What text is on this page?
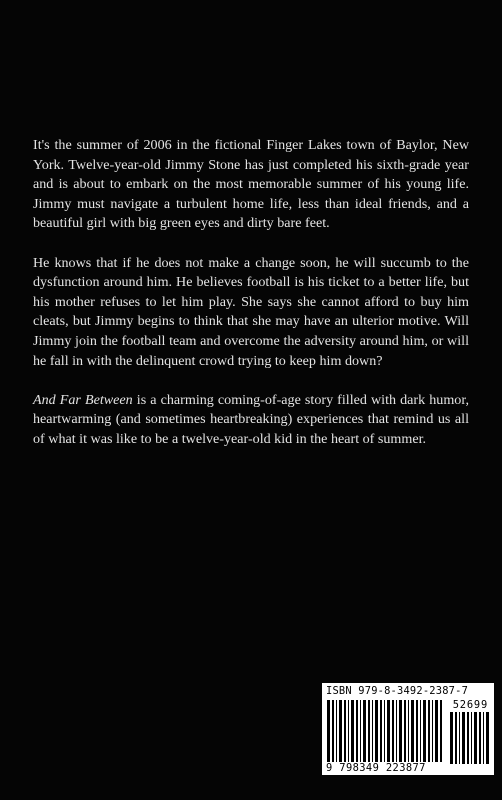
It's the summer of 2006 in the fictional Finger Lakes town of Baylor, New York. Twelve-year-old Jimmy Stone has just completed his sixth-grade year and is about to embark on the most memorable summer of his young life. Jimmy must navigate a turbulent home life, less than ideal friends, and a beautiful girl with big green eyes and dirty bare feet.

He knows that if he does not make a change soon, he will succumb to the dysfunction around him. He believes football is his ticket to a better life, but his mother refuses to let him play. She says she cannot afford to buy him cleats, but Jimmy begins to think that she may have an ulterior motive. Will Jimmy join the football team and overcome the adversity around him, or will he fall in with the delinquent crowd trying to keep him down?

And Far Between is a charming coming-of-age story filled with dark humor, heartwarming (and sometimes heartbreaking) experiences that remind us all of what it was like to be a twelve-year-old kid in the heart of summer.

ISBN 979-8-3492-2387-7
52699
9 798349 223877
